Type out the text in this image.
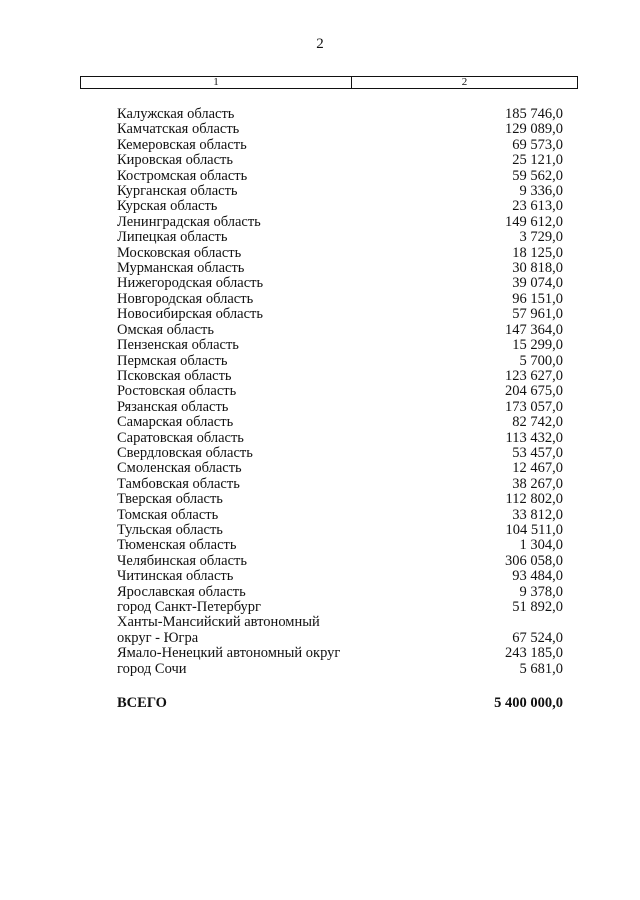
2
1	2
Калужская область	185 746,0
Камчатская область	129 089,0
Кемеровская область	69 573,0
Кировская область	25 121,0
Костромская область	59 562,0
Курганская область	9 336,0
Курская область	23 613,0
Ленинградская область	149 612,0
Липецкая область	3 729,0
Московская область	18 125,0
Мурманская область	30 818,0
Нижегородская область	39 074,0
Новгородская область	96 151,0
Новосибирская область	57 961,0
Омская область	147 364,0
Пензенская область	15 299,0
Пермская область	5 700,0
Псковская область	123 627,0
Ростовская область	204 675,0
Рязанская область	173 057,0
Самарская область	82 742,0
Саратовская область	113 432,0
Свердловская область	53 457,0
Смоленская область	12 467,0
Тамбовская область	38 267,0
Тверская область	112 802,0
Томская область	33 812,0
Тульская область	104 511,0
Тюменская область	1 304,0
Челябинская область	306 058,0
Читинская область	93 484,0
Ярославская область	9 378,0
город Санкт-Петербург	51 892,0
Ханты-Мансийский автономный
округ - Югра	67 524,0
Ямало-Ненецкий автономный округ	243 185,0
город Сочи	5 681,0
ВСЕГО	5 400 000,0
